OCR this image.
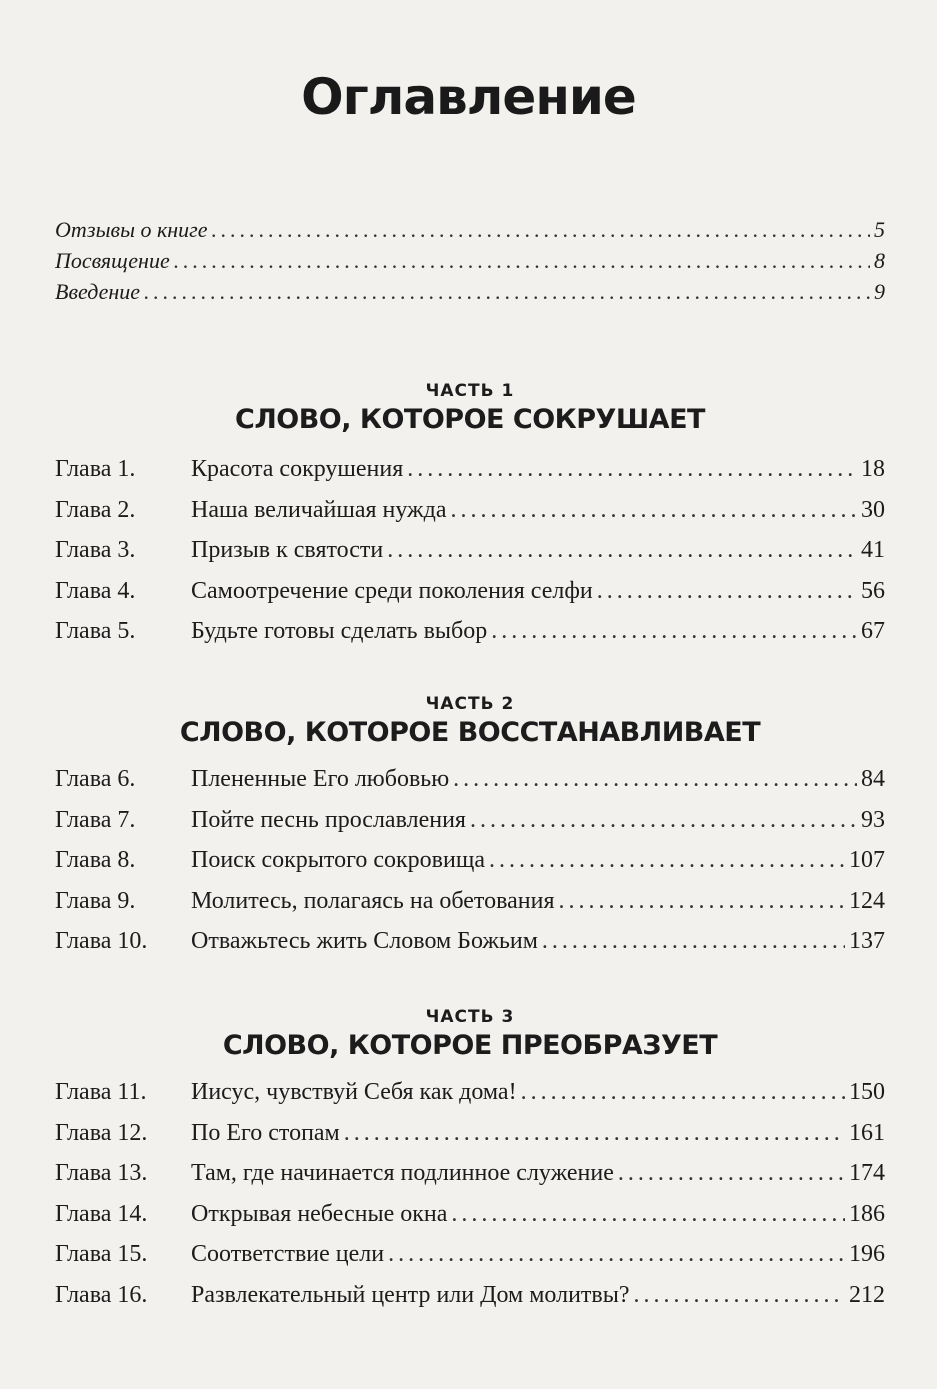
Оглавление
Отзывы о книге .....	5
Посвящение .....	8
Введение .....	9
ЧАСТЬ 1
СЛОВО, КОТОРОЕ СОКРУШАЕТ
Глава 1.	Красота сокрушения .....	18
Глава 2.	Наша величайшая нужда .....	30
Глава 3.	Призыв к святости .....	41
Глава 4.	Самоотречение среди поколения селфи .....	56
Глава 5.	Будьте готовы сделать выбор .....	67
ЧАСТЬ 2
СЛОВО, КОТОРОЕ ВОССТАНАВЛИВАЕТ
Глава 6.	Плененные Его любовью .....	84
Глава 7.	Пойте песнь прославления .....	93
Глава 8.	Поиск сокрытого сокровища .....	107
Глава 9.	Молитесь, полагаясь на обетования .....	124
Глава 10.	Отважьтесь жить Словом Божьим .....	137
ЧАСТЬ 3
СЛОВО, КОТОРОЕ ПРЕОБРАЗУЕТ
Глава 11.	Иисус, чувствуй Себя как дома! .....	150
Глава 12.	По Его стопам .....	161
Глава 13.	Там, где начинается подлинное служение .....	174
Глава 14.	Открывая небесные окна .....	186
Глава 15.	Соответствие цели .....	196
Глава 16.	Развлекательный центр или Дом молитвы? .....	212
